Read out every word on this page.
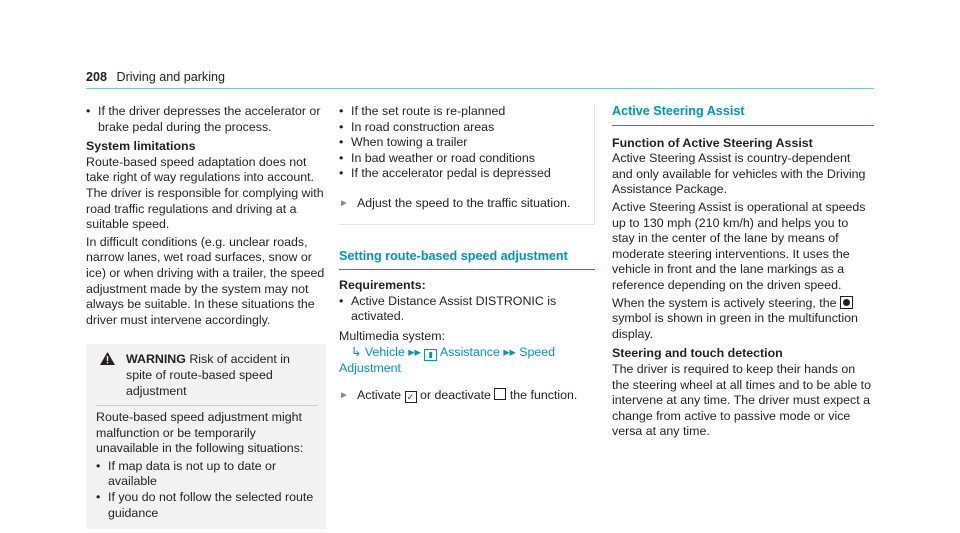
208 Driving and parking
• If the driver depresses the accelerator or brake pedal during the process.

System limitations

Route-based speed adaptation does not take right of way regulations into account. The driver is responsible for complying with road traffic regulations and driving at a suitable speed.

In difficult conditions (e.g. unclear roads, narrow lanes, wet road surfaces, snow or ice) or when driving with a trailer, the speed adjustment made by the system may not always be suitable. In these situations the driver must intervene accordingly.

WARNING Risk of accident in spite of route-based speed adjustment

Route-based speed adjustment might malfunction or be temporarily unavailable in the following situations:

• If map data is not up to date or available
• If you do not follow the selected route guidance
• If the set route is re-planned
• In road construction areas
• When towing a trailer
• In bad weather or road conditions
• If the accelerator pedal is depressed
► Adjust the speed to the traffic situation.
Setting route-based speed adjustment

Requirements:

• Active Distance Assist DISTRONIC is activated.

Multimedia system:

↳ Vehicle ▸▸ ▮ Assistance ▸▸ Speed

Adjustment

► Activate ✓ or deactivate the function.
Active Steering Assist

Function of Active Steering Assist

Active Steering Assist is country-dependent and only available for vehicles with the Driving Assistance Package.

Active Steering Assist is operational at speeds up to 130 mph (210 km/h) and helps you to stay in the center of the lane by means of moderate steering interventions. It uses the vehicle in front and the lane markings as a reference depending on the driven speed.

When the system is actively steering, the
symbol is shown in green in the multifunction display.

Steering and touch detection

The driver is required to keep their hands on the steering wheel at all times and to be able to intervene at any time. The driver must expect a change from active to passive mode or vice versa at any time.
